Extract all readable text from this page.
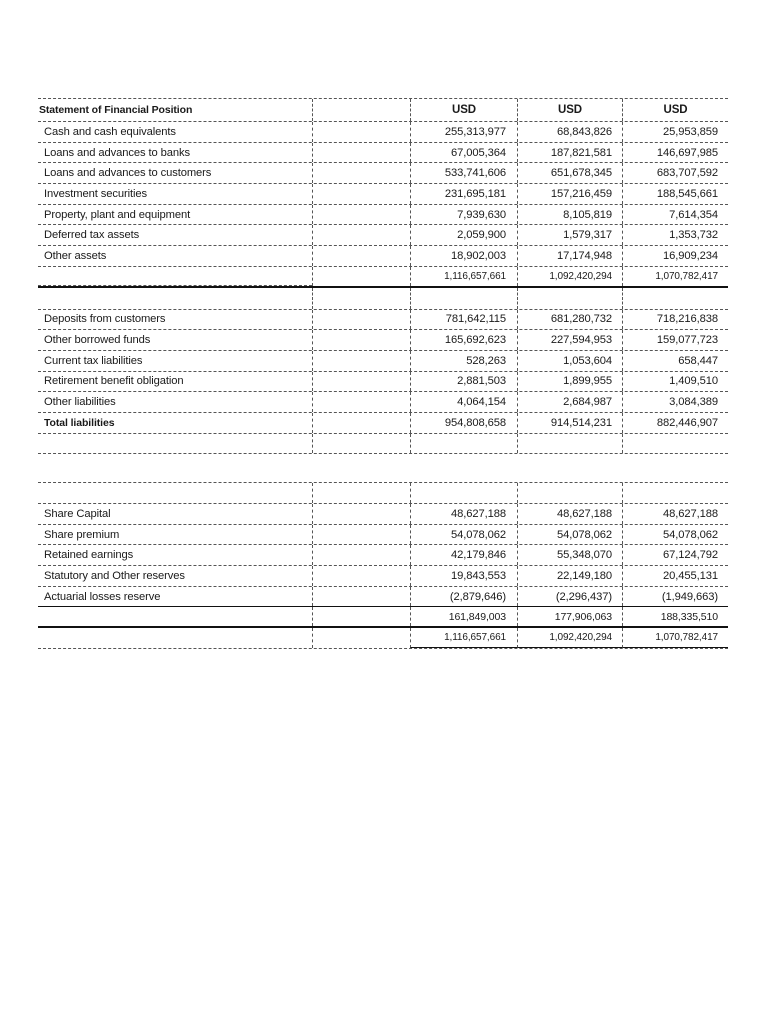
Statement of Financial Position	USD	USD	USD
Cash and cash equivalents	255,313,977	68,843,826	25,953,859
Loans and advances to banks	67,005,364	187,821,581	146,697,985
Loans and advances to customers	533,741,606	651,678,345	683,707,592
Investment securities	231,695,181	157,216,459	188,545,661
Property, plant and equipment	7,939,630	8,105,819	7,614,354
Deferred tax assets	2,059,900	1,579,317	1,353,732
Other assets	18,902,003	17,174,948	16,909,234
1,116,657,661	1,092,420,294	1,070,782,417
Deposits from customers	781,642,115	681,280,732	718,216,838
Other borrowed funds	165,692,623	227,594,953	159,077,723
Current tax liabilities	528,263	1,053,604	658,447
Retirement benefit obligation	2,881,503	1,899,955	1,409,510
Other liabilities	4,064,154	2,684,987	3,084,389
Total liabilities	954,808,658	914,514,231	882,446,907
Share Capital	48,627,188	48,627,188	48,627,188
Share premium	54,078,062	54,078,062	54,078,062
Retained earnings	42,179,846	55,348,070	67,124,792
Statutory and Other reserves	19,843,553	22,149,180	20,455,131
Actuarial losses reserve	(2,879,646)	(2,296,437)	(1,949,663)
161,849,003	177,906,063	188,335,510
1,116,657,661	1,092,420,294	1,070,782,417
